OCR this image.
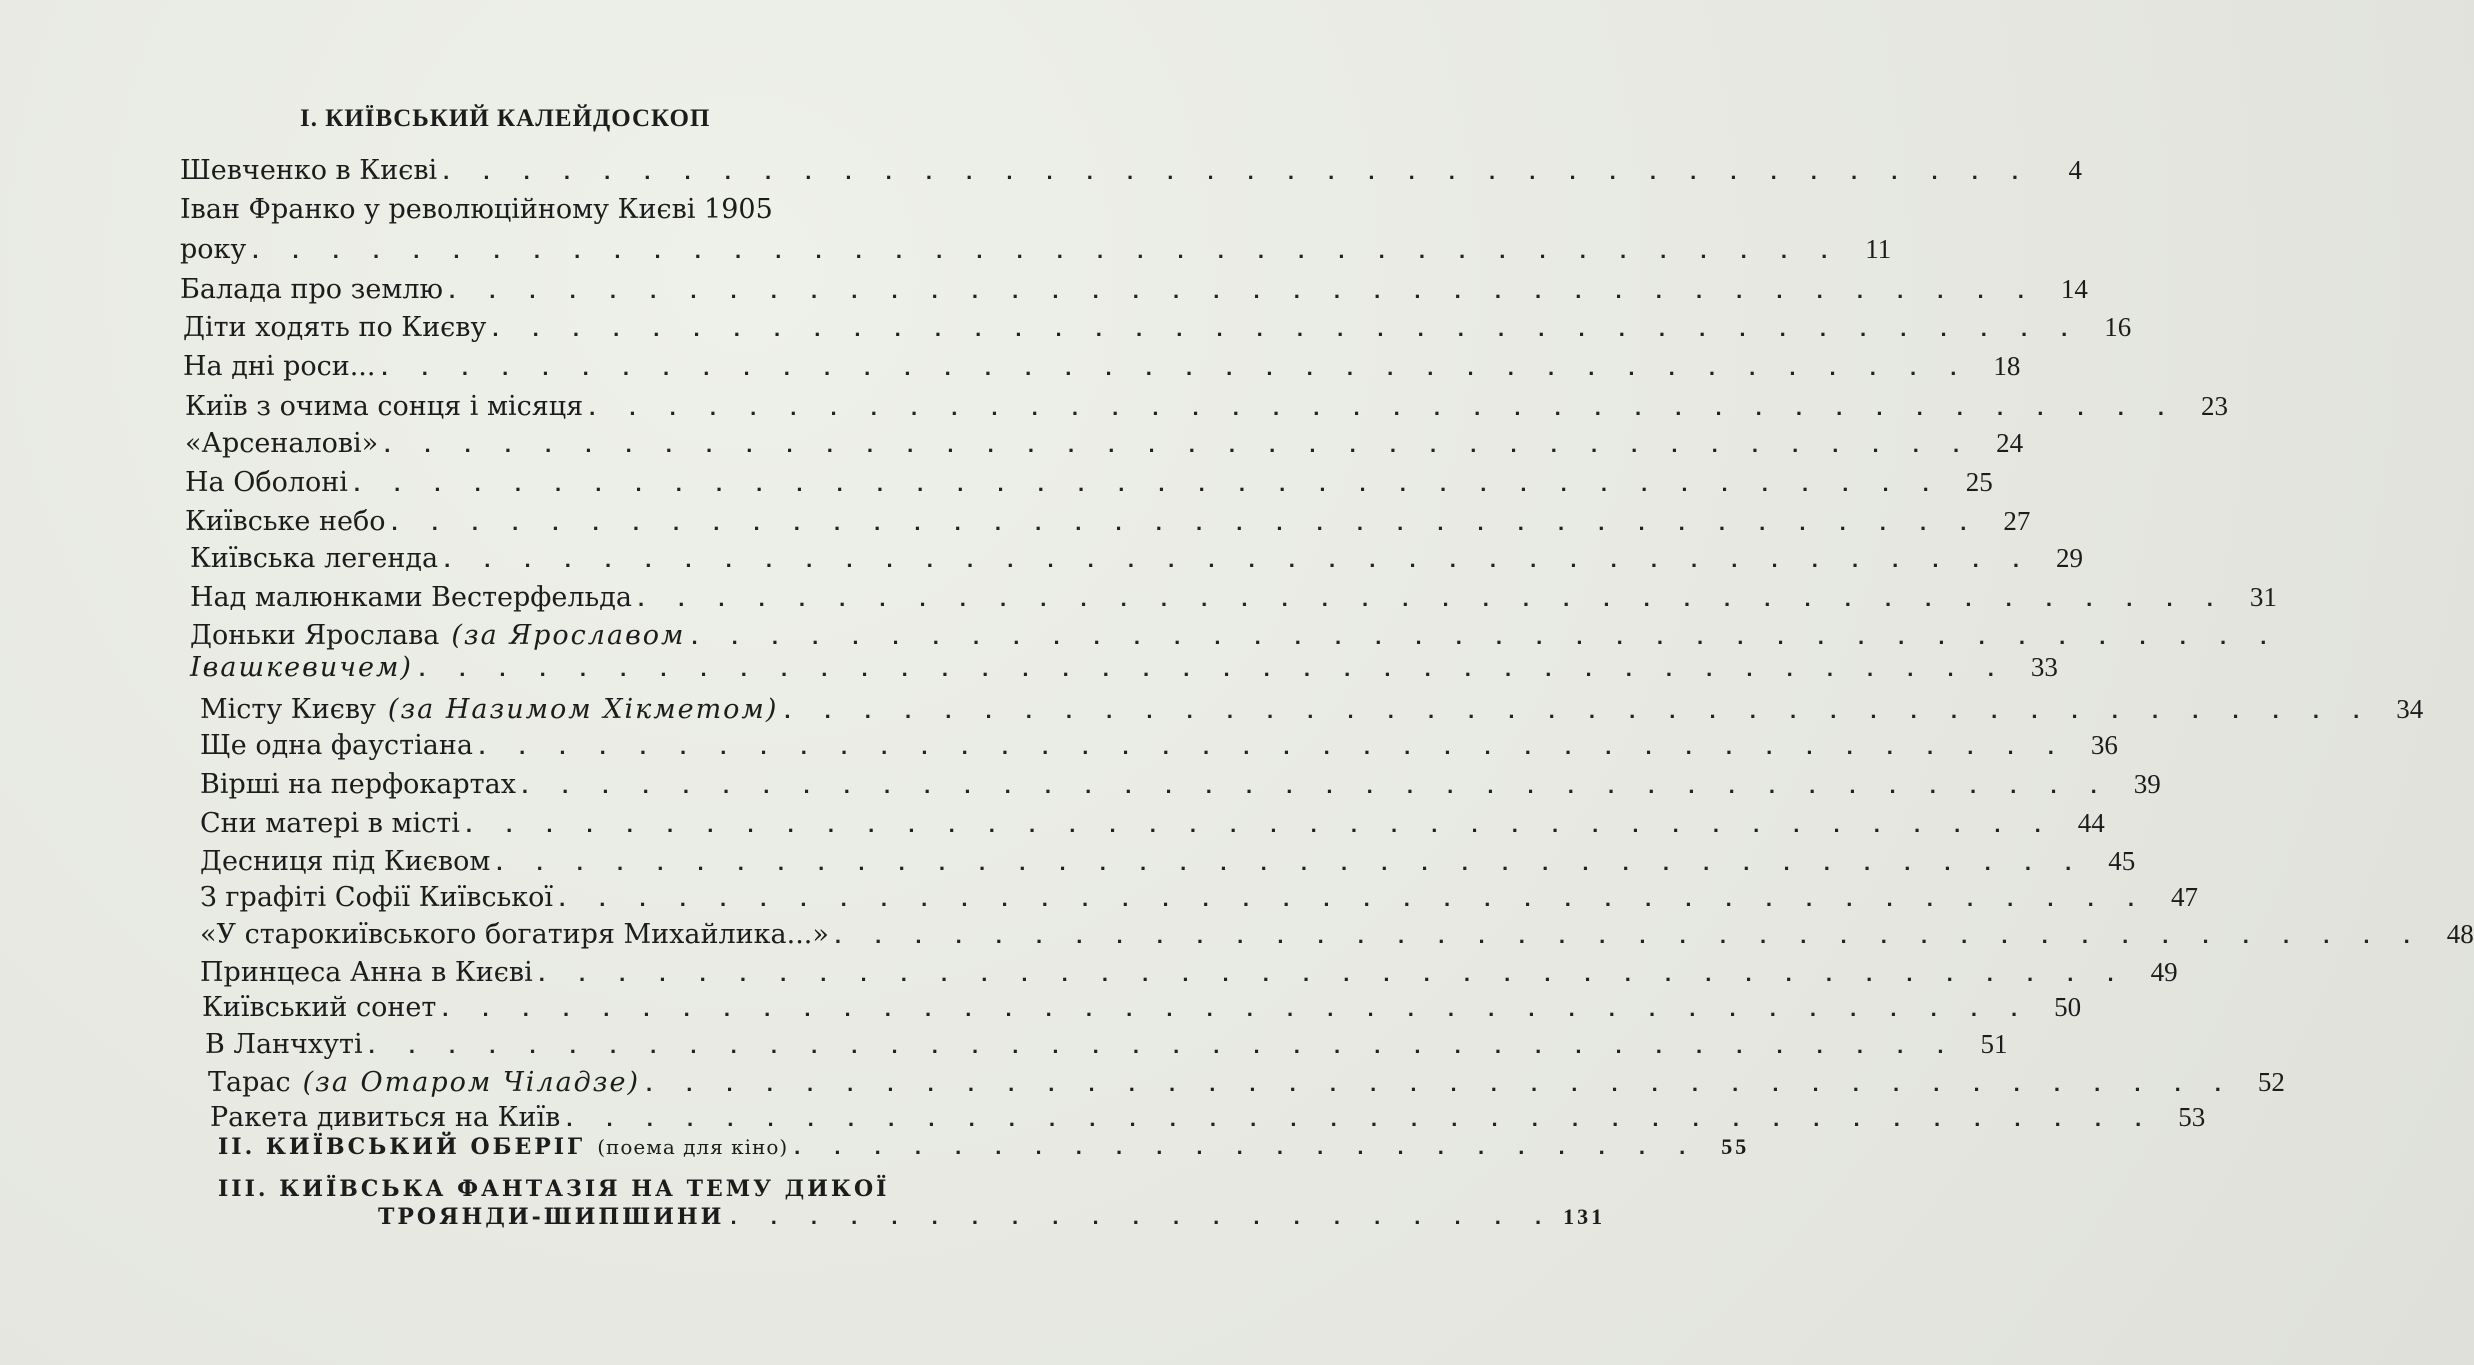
І. КИЇВСЬКИЙ КАЛЕЙДОСКОП
Шевченко в Києві . . . . . . . . . . . . . . . . . . . . . . . . . . . . . . . . . . . . . . . .	4
Іван Франко у революційному Києві 1905
року . . . . . . . . . . . . . . . . . . . . . . . . . . . . . . . . . . . . . . . . 11
Балада про землю . . . . . . . . . . . . . . . . . . . . . . . . . . . . . . . . . . . . . . . . 14
Діти ходять по Києву . . . . . . . . . . . . . . . . . . . . . . . . . . . . . . . . . . . . . . . . 16
На дні роси... . . . . . . . . . . . . . . . . . . . . . . . . . . . . . . . . . . . . . . . . 18
Київ з очима сонця і місяця . . . . . . . . . . . . . . . . . . . . . . . . . . . . . . . . . . . . . . . . 23
«Арсеналові» . . . . . . . . . . . . . . . . . . . . . . . . . . . . . . . . . . . . . . . . 24
На Оболоні . . . . . . . . . . . . . . . . . . . . . . . . . . . . . . . . . . . . . . . . 25
Київське небо . . . . . . . . . . . . . . . . . . . . . . . . . . . . . . . . . . . . . . . . 27
Київська легенда . . . . . . . . . . . . . . . . . . . . . . . . . . . . . . . . . . . . . . . . 29
Над малюнками Вестерфельда . . . . . . . . . . . . . . . . . . . . . . . . . . . . . . . . . . . . . . . . 31
Доньки Ярослава (за Ярославом . . . . . . . . . . . . . . . . . . . . . . . . . . . . . . . . . . . . . . . .
Івашкевичем) . . . . . . . . . . . . . . . . . . . . . . . . . . . . . . . . . . . . . . . . 33
Місту Києву (за Назимом Хікметом) . . . . . . . . . . . . . . . . . . . . . . . . . . . . . . . . . . . . . . . . 34
Ще одна фаустіана . . . . . . . . . . . . . . . . . . . . . . . . . . . . . . . . . . . . . . . . 36
Вірші на перфокартах . . . . . . . . . . . . . . . . . . . . . . . . . . . . . . . . . . . . . . . . 39
Сни матері в місті . . . . . . . . . . . . . . . . . . . . . . . . . . . . . . . . . . . . . . . . 44
Десниця під Києвом . . . . . . . . . . . . . . . . . . . . . . . . . . . . . . . . . . . . . . . . 45
З графіті Софії Київської . . . . . . . . . . . . . . . . . . . . . . . . . . . . . . . . . . . . . . . . 47
«У старокиївського богатиря Михайлика...» . . . . . . . . . . . . . . . . . . . . . . . . . . . . . . . . . . . . . . . . 48
Принцеса Анна в Києві . . . . . . . . . . . . . . . . . . . . . . . . . . . . . . . . . . . . . . . . 49
Київський сонет . . . . . . . . . . . . . . . . . . . . . . . . . . . . . . . . . . . . . . . . 50
В Ланчхуті . . . . . . . . . . . . . . . . . . . . . . . . . . . . . . . . . . . . . . . . 51
Тарас (за Отаром Чіладзе) . . . . . . . . . . . . . . . . . . . . . . . . . . . . . . . . . . . . . . . . 52
Ракета дивиться на Київ . . . . . . . . . . . . . . . . . . . . . . . . . . . . . . . . . . . . . . . . 53
II. КИЇВСЬКИЙ ОБЕРІГ (поема для кіно) . . . . . . . . . . . . . . . . . . . . . . .	55
III. КИЇВСЬКА ФАНТАЗІЯ НА ТЕМУ ДИКОЇ
ТРОЯНДИ-ШИПШИНИ . . . . . . . . . . . . . . . . . . . . . 131
